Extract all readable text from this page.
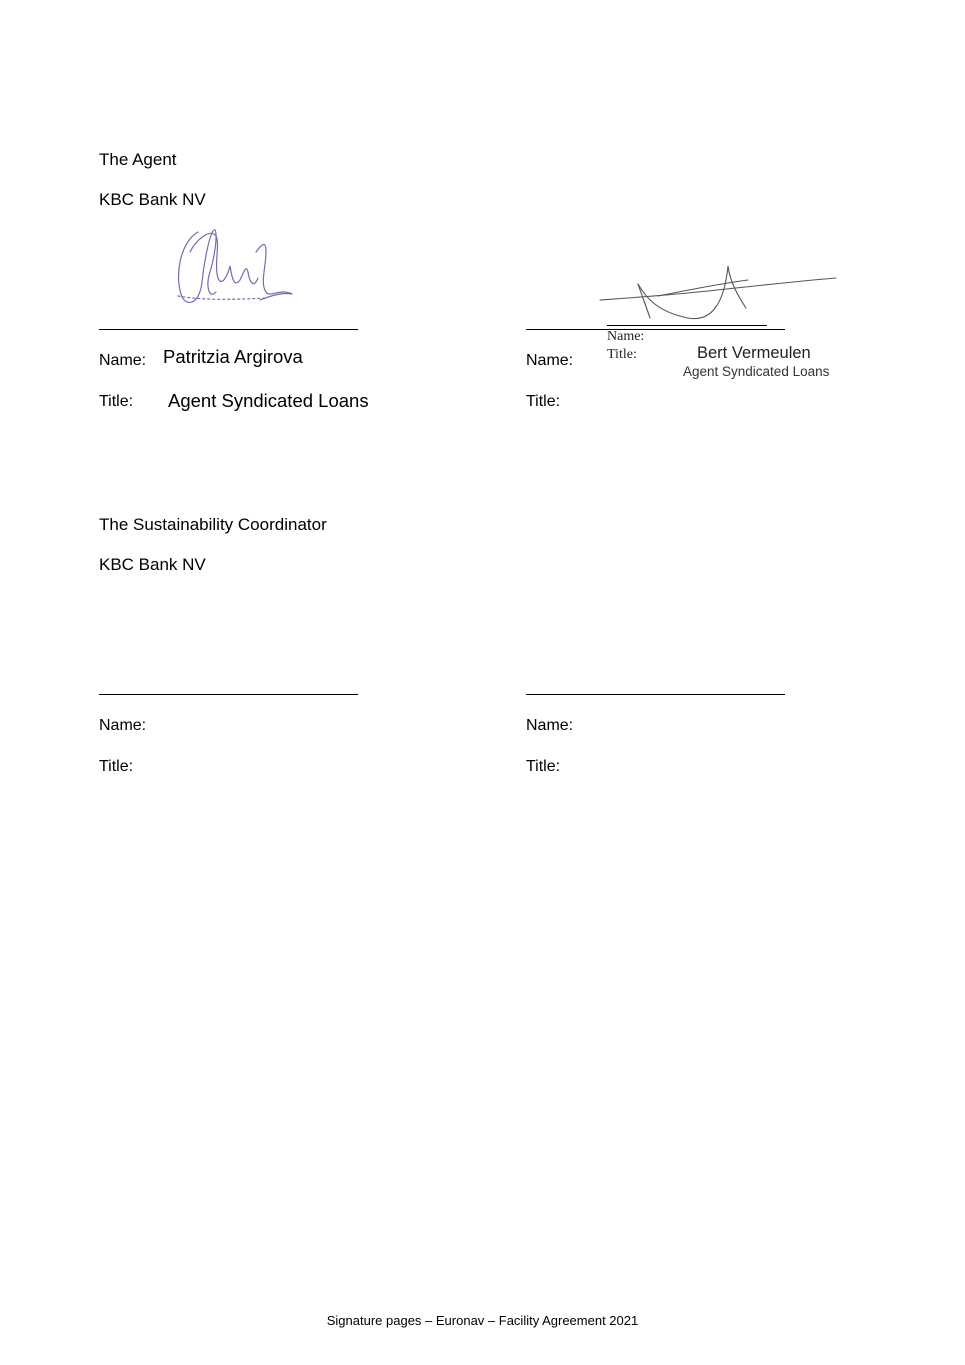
The Agent
KBC Bank NV
Name: Patritzia Argirova
Title: Agent Syndicated Loans
Name:
Title:	Bert Vermeulen
Agent Syndicated Loans
Name:
Title:
The Sustainability Coordinator
KBC Bank NV
Name:
Title:
Name:
Title:
Signature pages – Euronav – Facility Agreement 2021
